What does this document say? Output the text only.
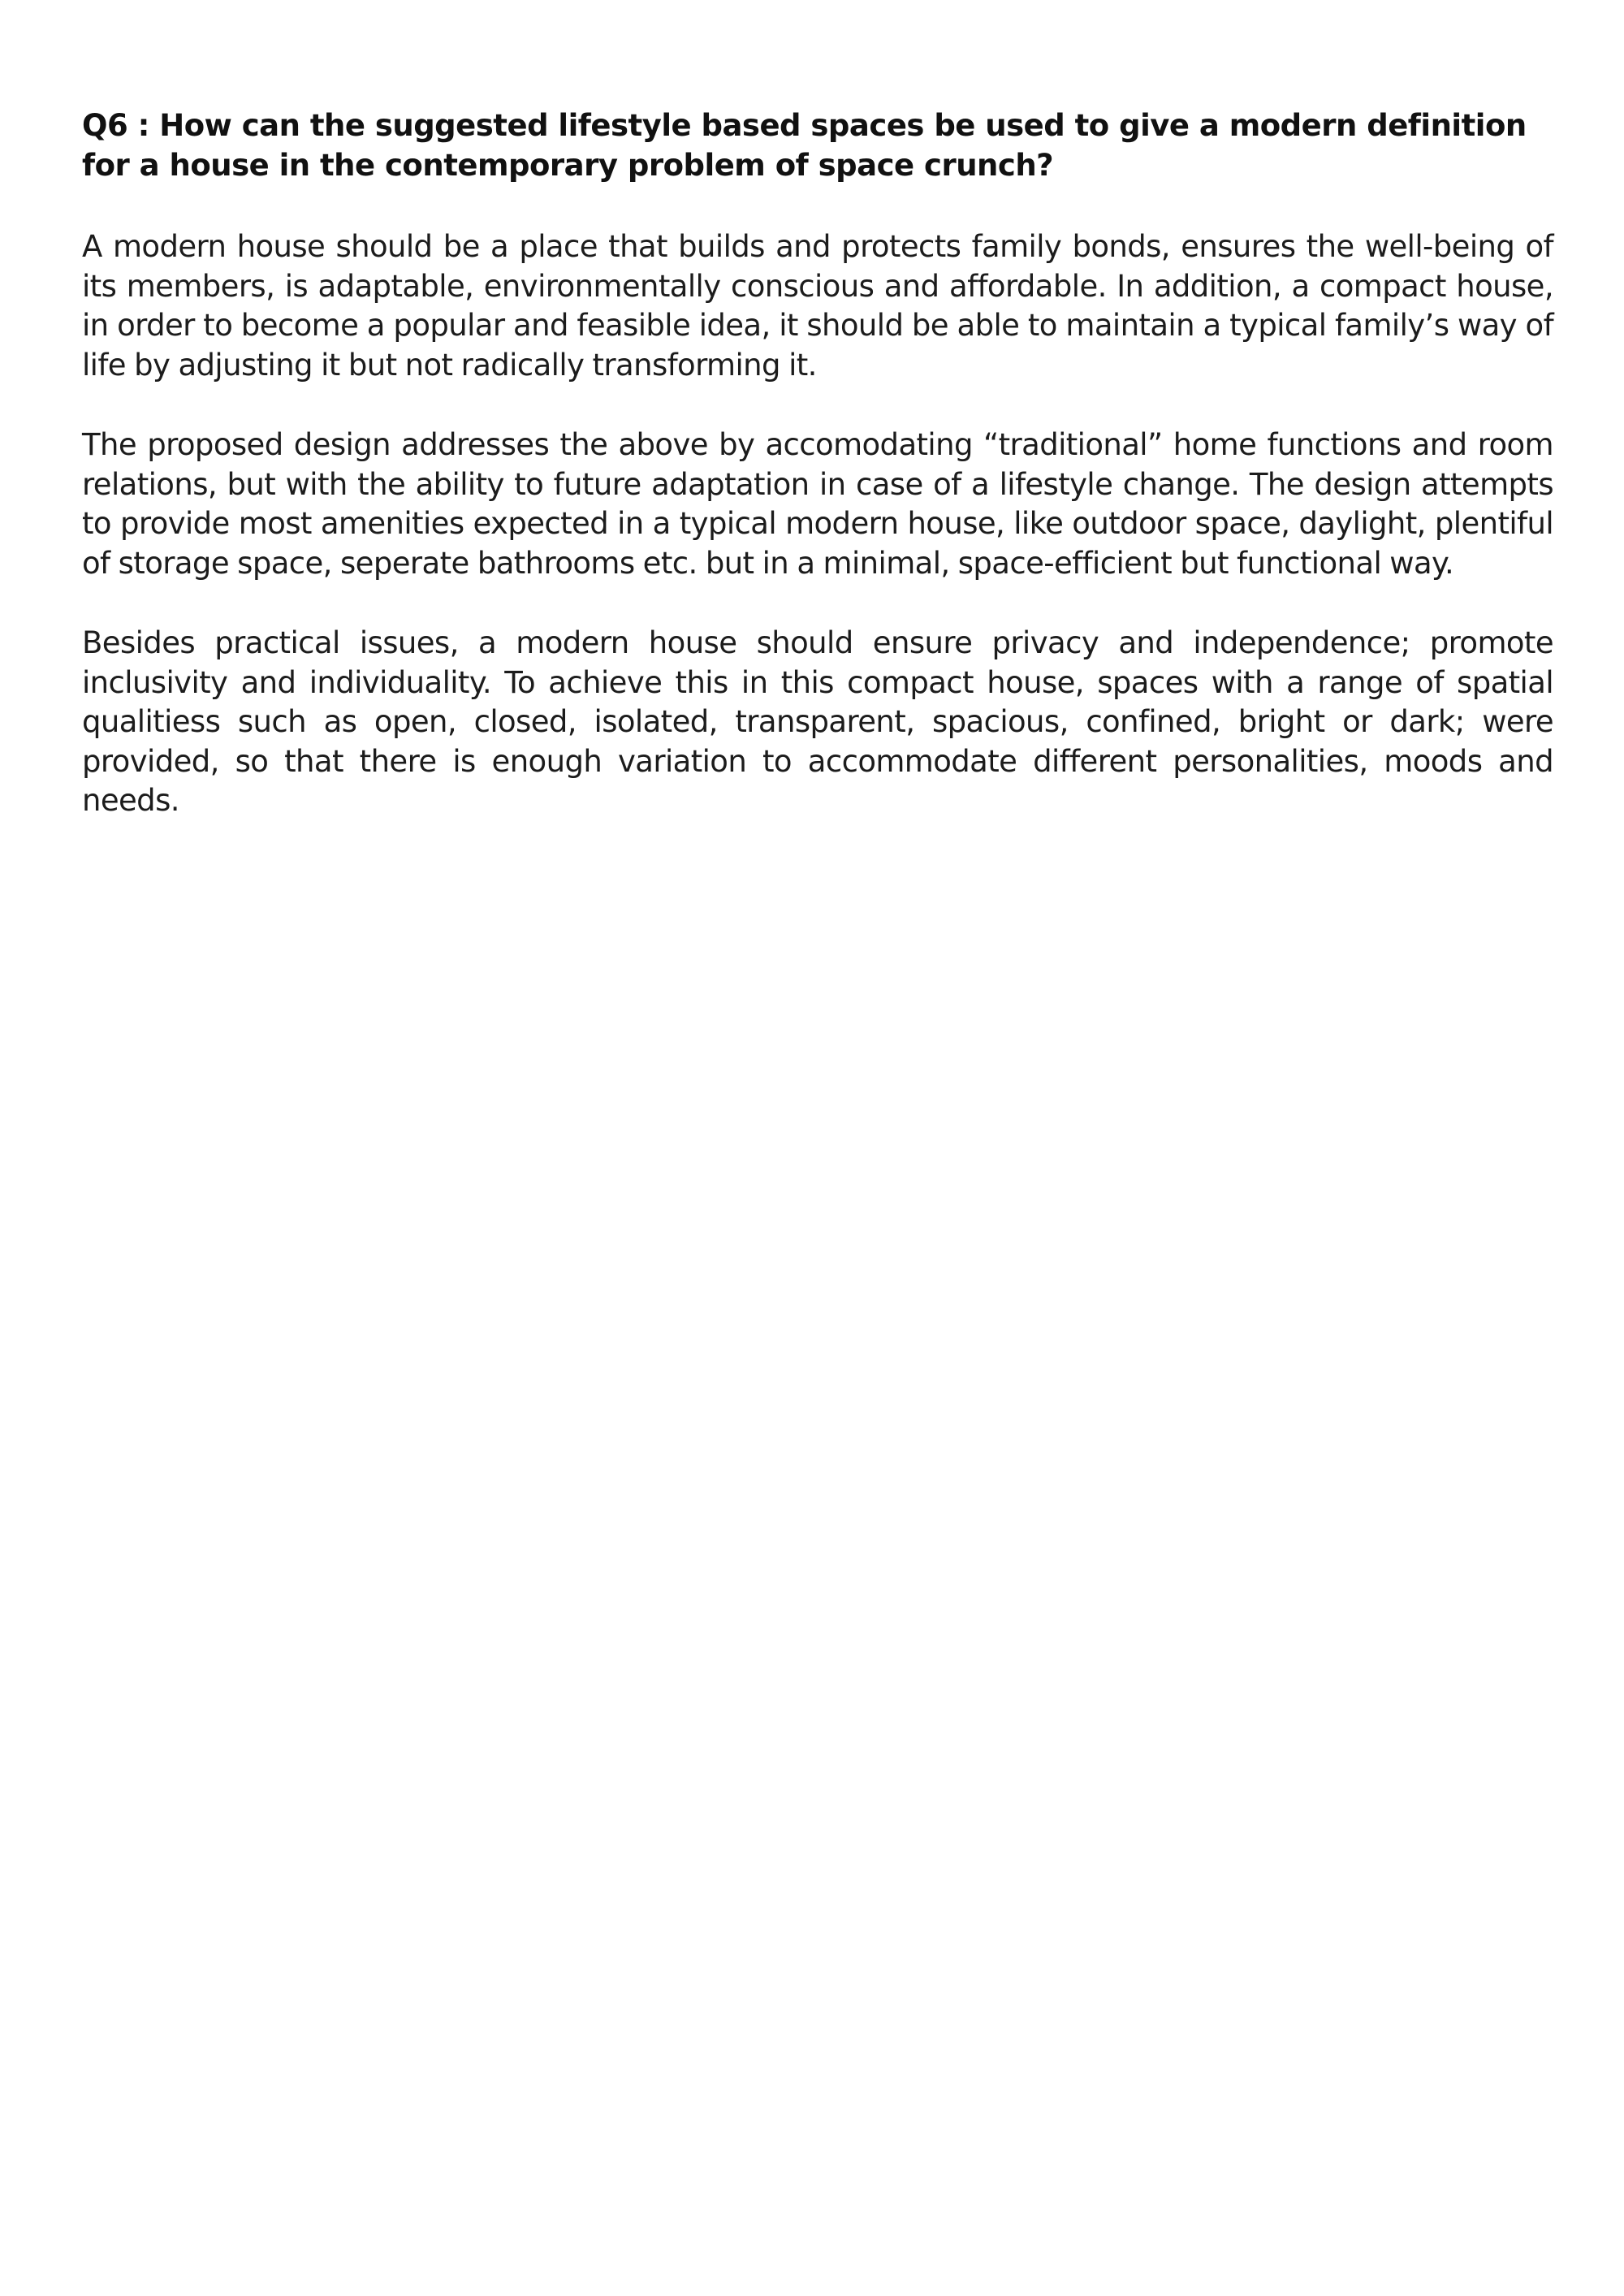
Q6 : How can the suggested lifestyle based spaces be used to give a modern definition for a house in the contemporary problem of space crunch?

A modern house should be a place that builds and protects family bonds, ensures the well-being of its members, is adaptable, environmentally conscious and affordable. In addition, a compact house, in order to become a popular and feasible idea, it should be able to maintain a typical family’s way of life by adjusting it but not radically transforming it.

The proposed design addresses the above by accomodating “traditional” home functions and room relations, but with the ability to future adaptation in case of a lifestyle change. The design attempts to provide most amenities expected in a typical modern house, like outdoor space, daylight, plentiful of storage space, seperate bathrooms etc. but in a minimal, space-efficient but functional way.

Besides practical issues, a modern house should ensure privacy and independence; promote inclusivity and individuality. To achieve this in this compact house, spaces with a range of spatial qualitiess such as open, closed, isolated, transparent, spacious, confined, bright or dark; were provided, so that there is enough variation to accommodate different personalities, moods and needs.
